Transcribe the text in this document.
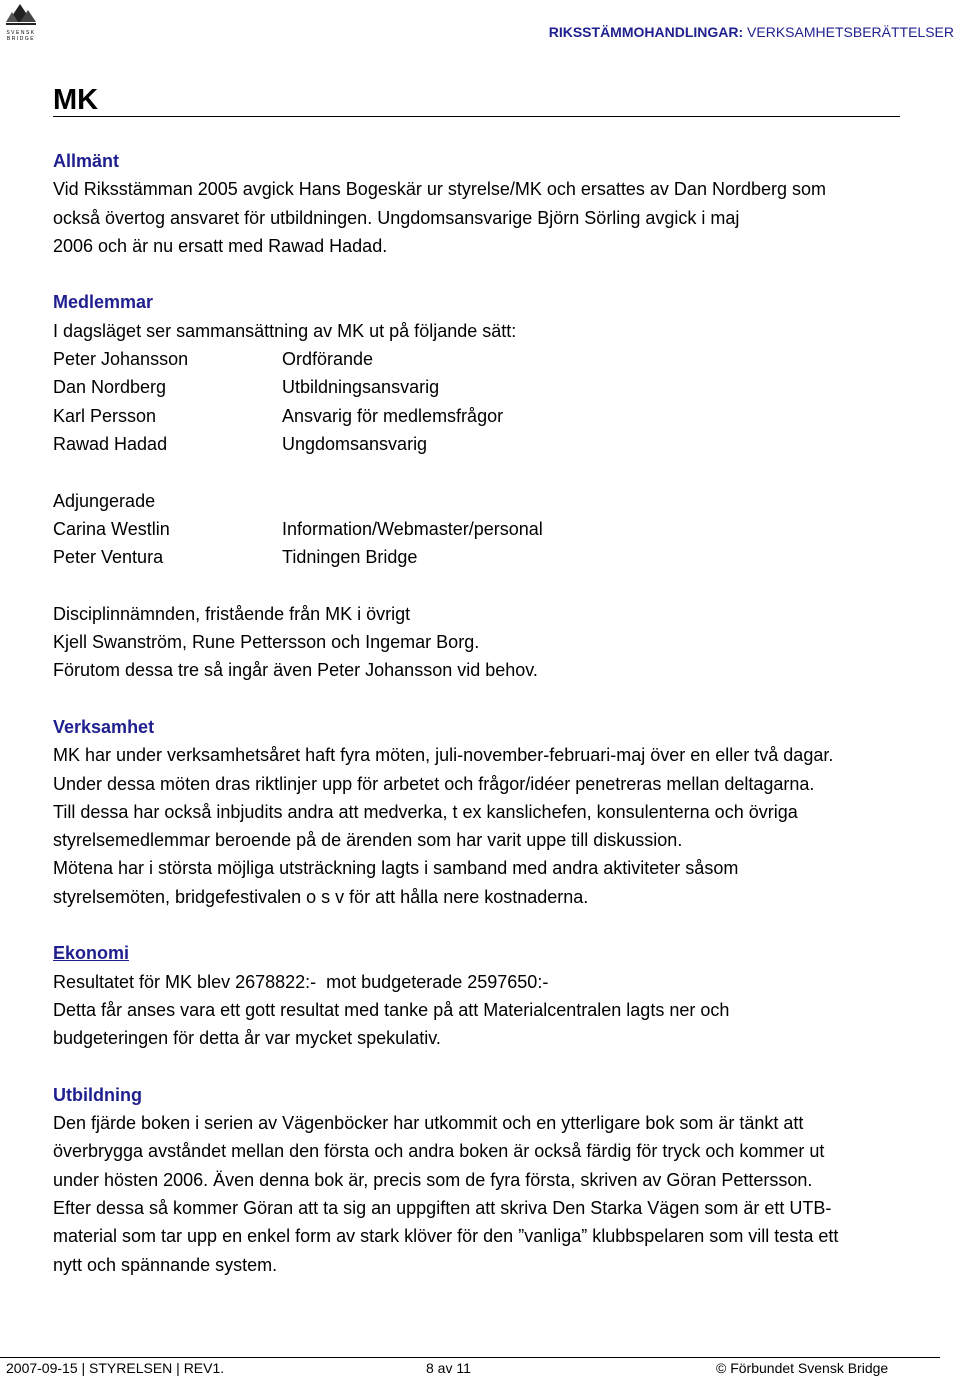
SVENSK BRIDGE	RIKSSTÄMMOHANDLINGAR: VERKSAMHETSBERÄTTELSER
MK
Allmänt
Vid Riksstämman 2005 avgick Hans Bogeskär ur styrelse/MK och ersattes av Dan Nordberg som
också övertog ansvaret för utbildningen. Ungdomsansvarige Björn Sörling avgick i maj
2006 och är nu ersatt med Rawad Hadad.
Medlemmar
I dagsläget ser sammansättning av MK ut på följande sätt:
Peter Johansson	Ordförande
Dan Nordberg	Utbildningsansvarig
Karl Persson	Ansvarig för medlemsfrågor
Rawad Hadad	Ungdomsansvarig
Adjungerade
Carina Westlin	Information/Webmaster/personal
Peter Ventura	Tidningen Bridge
Disciplinnämnden, fristående från MK i övrigt
Kjell Swanström, Rune Pettersson och Ingemar Borg.
Förutom dessa tre så ingår även Peter Johansson vid behov.
Verksamhet
MK har under verksamhetsåret haft fyra möten, juli-november-februari-maj över en eller två dagar.
Under dessa möten dras riktlinjer upp för arbetet och frågor/idéer penetreras mellan deltagarna.
Till dessa har också inbjudits andra att medverka, t ex kanslichefen, konsulenterna och övriga
styrelsemedlemmar beroende på de ärenden som har varit uppe till diskussion.
Mötena har i största möjliga utsträckning lagts i samband med andra aktiviteter såsom
styrelsemöten, bridgefestivalen o s v för att hålla nere kostnaderna.
Ekonomi
Resultatet för MK blev 2678822:-  mot budgeterade 2597650:-
Detta får anses vara ett gott resultat med tanke på att Materialcentralen lagts ner och
budgeteringen för detta år var mycket spekulativ.
Utbildning
Den fjärde boken i serien av Vägenböcker har utkommit och en ytterligare bok som är tänkt att
överbrygga avståndet mellan den första och andra boken är också färdig för tryck och kommer ut
under hösten 2006. Även denna bok är, precis som de fyra första, skriven av Göran Pettersson.
Efter dessa så kommer Göran att ta sig an uppgiften att skriva Den Starka Vägen som är ett UTB-
material som tar upp en enkel form av stark klöver för den ”vanliga” klubbspelaren som vill testa ett
nytt och spännande system.
2007-09-15 | STYRELSEN | REV1.	8 av 11	© Förbundet Svensk Bridge
